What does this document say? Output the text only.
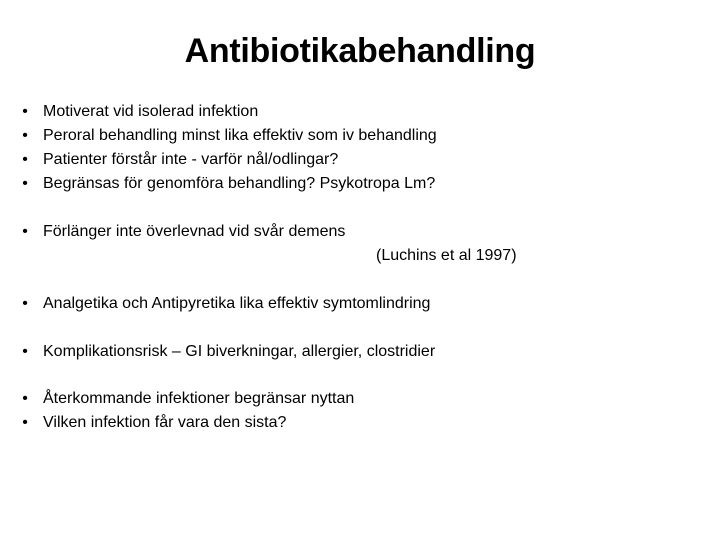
Antibiotikabehandling
• Motiverat vid isolerad infektion
• Peroral behandling minst lika effektiv som iv behandling
• Patienter förstår inte - varför nål/odlingar?
• Begränsas för genomföra behandling? Psykotropa Lm?
• Förlänger inte överlevnad vid svår demens
(Luchins et al 1997)
• Analgetika och Antipyretika lika effektiv symtomlindring
• Komplikationsrisk – GI biverkningar, allergier, clostridier
• Återkommande infektioner begränsar nyttan
• Vilken infektion får vara den sista?
